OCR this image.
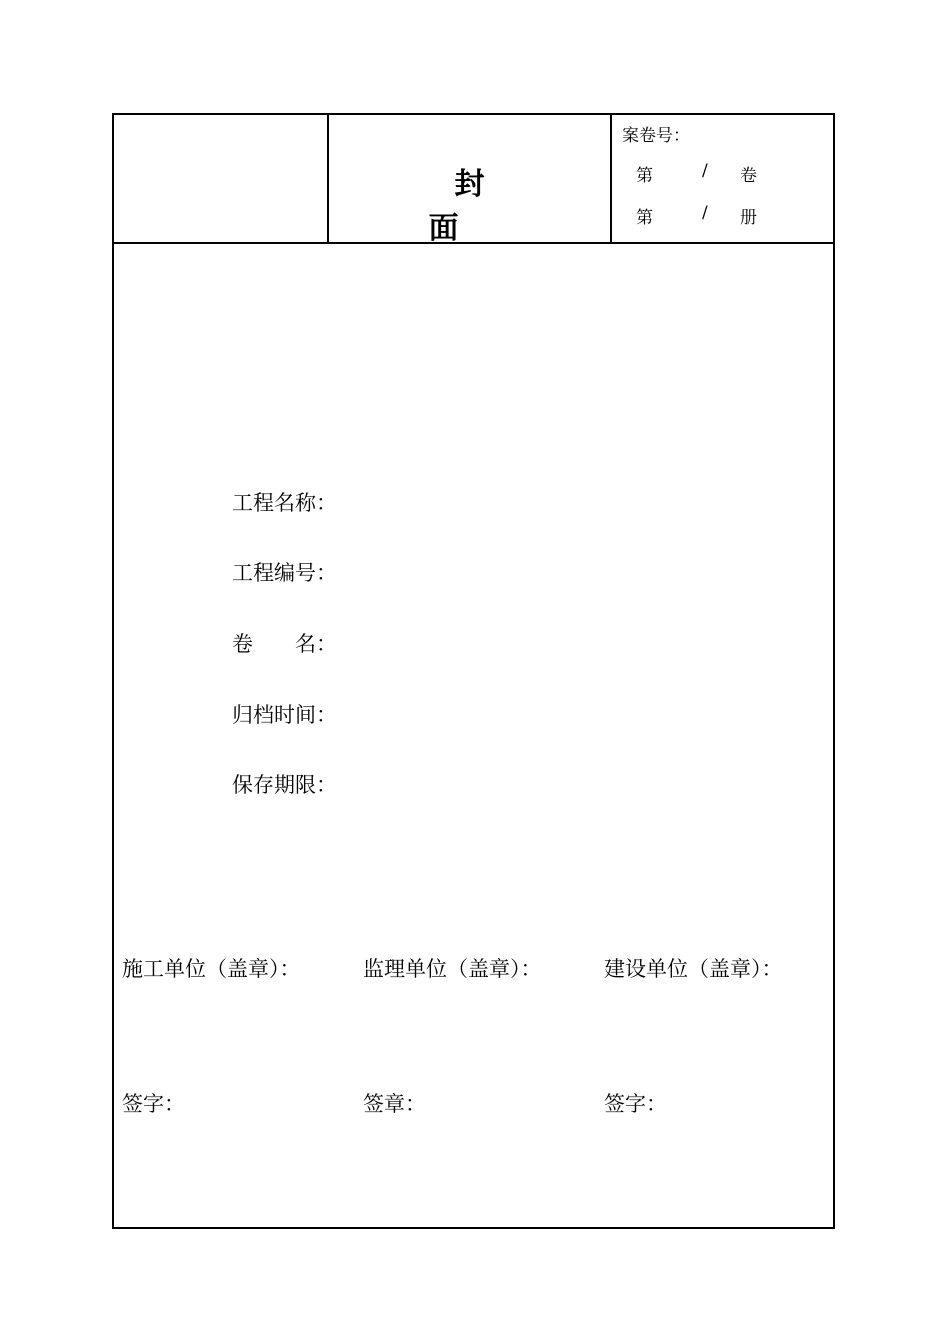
封　面
案卷号：
第	/ 卷
第	/ 册
工程名称：
工程编号：
卷　　名：
归档时间：
保存期限：
施工单位（盖章）：	监理单位（盖章）：	建设单位（盖章）：
签字：	签章：	签字：
